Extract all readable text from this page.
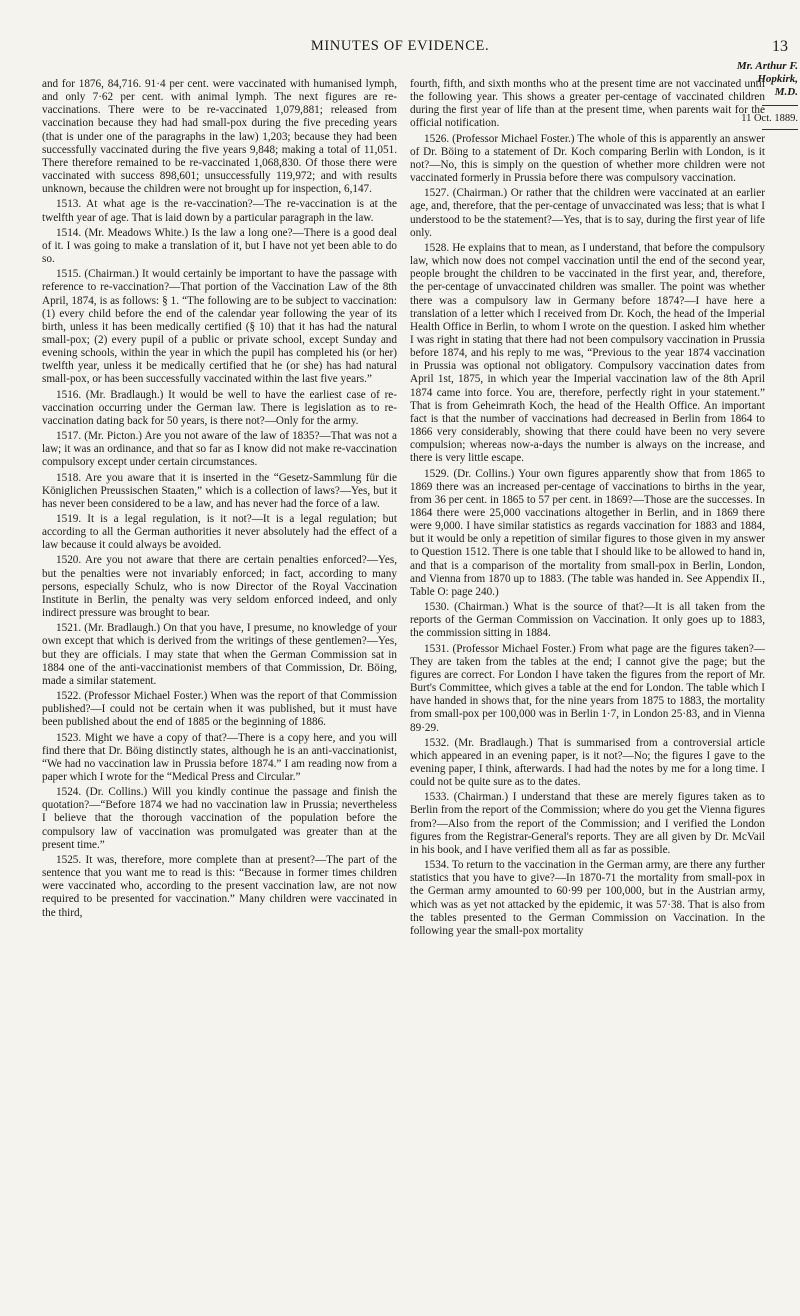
MINUTES OF EVIDENCE.	13
Mr. Arthur F. Hopkirk, M.D.
11 Oct. 1889.

and for 1876, 84,716. 91·4 per cent. were vaccinated with humanised lymph, and only 7·62 per cent. with animal lymph. The next figures are re-vaccinations. There were to be re-vaccinated 1,079,881; released from vaccination because they had had small-pox during the five preceding years (that is under one of the paragraphs in the law) 1,203; because they had been successfully vaccinated during the five years 9,848; making a total of 11,051. There therefore remained to be re-vaccinated 1,068,830. Of those there were vaccinated with success 898,601; unsuccessfully 119,972; and with results unknown, because the children were not brought up for inspection, 6,147.

1513. At what age is the re-vaccination?—The re-vaccination is at the twelfth year of age. That is laid down by a particular paragraph in the law.

1514. (Mr. Meadows White.) Is the law a long one?—There is a good deal of it. I was going to make a translation of it, but I have not yet been able to do so.

1515. (Chairman.) It would certainly be important to have the passage with reference to re-vaccination?—That portion of the Vaccination Law of the 8th April, 1874, is as follows: § 1. “The following are to be subject to vaccination: (1) every child before the end of the calendar year following the year of its birth, unless it has been medically certified (§ 10) that it has had the natural small-pox; (2) every pupil of a public or private school, except Sunday and evening schools, within the year in which the pupil has completed his (or her) twelfth year, unless it be medically certified that he (or she) has had natural small-pox, or has been successfully vaccinated within the last five years.”

1516. (Mr. Bradlaugh.) It would be well to have the earliest case of re-vaccination occurring under the German law. There is legislation as to re-vaccination dating back for 50 years, is there not?—Only for the army.

1517. (Mr. Picton.) Are you not aware of the law of 1835?—That was not a law; it was an ordinance, and that so far as I know did not make re-vaccination compulsory except under certain circumstances.

1518. Are you aware that it is inserted in the “Gesetz-Sammlung für die Königlichen Preussischen Staaten,” which is a collection of laws?—Yes, but it has never been considered to be a law, and has never had the force of a law.

1519. It is a legal regulation, is it not?—It is a legal regulation; but according to all the German authorities it never absolutely had the effect of a law because it could always be avoided.

1520. Are you not aware that there are certain penalties enforced?—Yes, but the penalties were not invariably enforced; in fact, according to many persons, especially Schulz, who is now Director of the Royal Vaccination Institute in Berlin, the penalty was very seldom enforced indeed, and only indirect pressure was brought to bear.

1521. (Mr. Bradlaugh.) On that you have, I presume, no knowledge of your own except that which is derived from the writings of these gentlemen?—Yes, but they are officials. I may state that when the German Commission sat in 1884 one of the anti-vaccinationist members of that Commission, Dr. Böing, made a similar statement.

1522. (Professor Michael Foster.) When was the report of that Commission published?—I could not be certain when it was published, but it must have been published about the end of 1885 or the beginning of 1886.

1523. Might we have a copy of that?—There is a copy here, and you will find there that Dr. Böing distinctly states, although he is an anti-vaccinationist, “We had no vaccination law in Prussia before 1874.” I am reading now from a paper which I wrote for the “Medical Press and Circular.”

1524. (Dr. Collins.) Will you kindly continue the passage and finish the quotation?—“Before 1874 we had no vaccination law in Prussia; nevertheless I believe that the thorough vaccination of the population before the compulsory law of vaccination was promulgated was greater than at the present time.”

1525. It was, therefore, more complete than at present?—The part of the sentence that you want me to read is this: “Because in former times children were vaccinated who, according to the present vaccination law, are not now required to be presented for vaccination.” Many children were vaccinated in the third,

fourth, fifth, and sixth months who at the present time are not vaccinated until the following year. This shows a greater per-centage of vaccinated children during the first year of life than at the present time, when parents wait for the official notification.

1526. (Professor Michael Foster.) The whole of this is apparently an answer of Dr. Böing to a statement of Dr. Koch comparing Berlin with London, is it not?—No, this is simply on the question of whether more children were not vaccinated formerly in Prussia before there was compulsory vaccination.

1527. (Chairman.) Or rather that the children were vaccinated at an earlier age, and, therefore, that the per-centage of unvaccinated was less; that is what I understood to be the statement?—Yes, that is to say, during the first year of life only.

1528. He explains that to mean, as I understand, that before the compulsory law, which now does not compel vaccination until the end of the second year, people brought the children to be vaccinated in the first year, and, therefore, the per-centage of unvaccinated children was smaller. The point was whether there was a compulsory law in Germany before 1874?—I have here a translation of a letter which I received from Dr. Koch, the head of the Imperial Health Office in Berlin, to whom I wrote on the question. I asked him whether I was right in stating that there had not been compulsory vaccination in Prussia before 1874, and his reply to me was, “Previous to the year 1874 vaccination in Prussia was optional not obligatory. Compulsory vaccination dates from April 1st, 1875, in which year the Imperial vaccination law of the 8th April 1874 came into force. You are, therefore, perfectly right in your statement.” That is from Geheimrath Koch, the head of the Health Office. An important fact is that the number of vaccinations had decreased in Berlin from 1864 to 1866 very considerably, showing that there could have been no very severe compulsion; whereas now-a-days the number is always on the increase, and there is very little escape.

1529. (Dr. Collins.) Your own figures apparently show that from 1865 to 1869 there was an increased per-centage of vaccinations to births in the year, from 36 per cent. in 1865 to 57 per cent. in 1869?—Those are the successes. In 1864 there were 25,000 vaccinations altogether in Berlin, and in 1869 there were 9,000. I have similar statistics as regards vaccination for 1883 and 1884, but it would be only a repetition of similar figures to those given in my answer to Question 1512. There is one table that I should like to be allowed to hand in, and that is a comparison of the mortality from small-pox in Berlin, London, and Vienna from 1870 up to 1883. (The table was handed in. See Appendix II., Table O: page 240.)

1530. (Chairman.) What is the source of that?—It is all taken from the reports of the German Commission on Vaccination. It only goes up to 1883, the commission sitting in 1884.

1531. (Professor Michael Foster.) From what page are the figures taken?—They are taken from the tables at the end; I cannot give the page; but the figures are correct. For London I have taken the figures from the report of Mr. Burt's Committee, which gives a table at the end for London. The table which I have handed in shows that, for the nine years from 1875 to 1883, the mortality from small-pox per 100,000 was in Berlin 1·7, in London 25·83, and in Vienna 89·29.

1532. (Mr. Bradlaugh.) That is summarised from a controversial article which appeared in an evening paper, is it not?—No; the figures I gave to the evening paper, I think, afterwards. I had had the notes by me for a long time. I could not be quite sure as to the dates.

1533. (Chairman.) I understand that these are merely figures taken as to Berlin from the report of the Commission; where do you get the Vienna figures from?—Also from the report of the Commission; and I verified the London figures from the Registrar-General's reports. They are all given by Dr. McVail in his book, and I have verified them all as far as possible.

1534. To return to the vaccination in the German army, are there any further statistics that you have to give?—In 1870-71 the mortality from small-pox in the German army amounted to 60·99 per 100,000, but in the Austrian army, which was as yet not attacked by the epidemic, it was 57·38. That is also from the tables presented to the German Commission on Vaccination. In the following year the small-pox mortality
